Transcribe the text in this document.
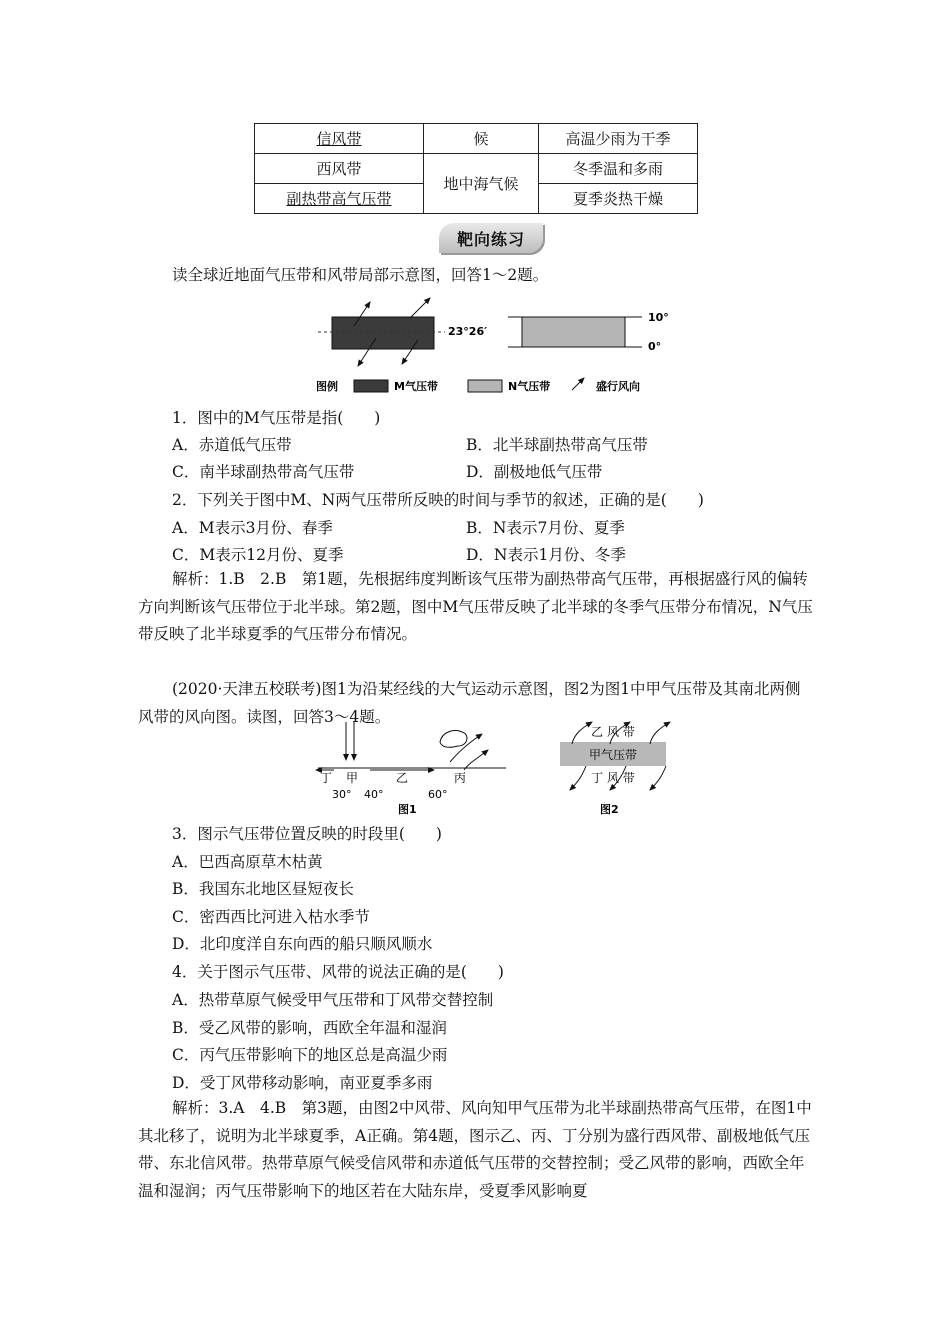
信风带	候	高温少雨为干季
西风带	地中海气候	冬季温和多雨
副热带高气压带		夏季炎热干燥
靶向练习
读全球近地面气压带和风带局部示意图，回答1～2题。
23°26′
10°
0°
图例	M气压带	N气压带	盛行风向
1．图中的M气压带是指(　　)
A．赤道低气压带	B．北半球副热带高气压带
C．南半球副热带高气压带	D．副极地低气压带
2．下列关于图中M、N两气压带所反映的时间与季节的叙述，正确的是(　　)
A．M表示3月份、春季	B．N表示7月份、夏季
C．M表示12月份、夏季	D．N表示1月份、冬季
解析：1.B　2.B　第1题，先根据纬度判断该气压带为副热带高气压带，再根据盛行风的偏转方向判断该气压带位于北半球。第2题，图中M气压带反映了北半球的冬季气压带分布情况，N气压带反映了北半球夏季的气压带分布情况。
(2020·天津五校联考)图1为沿某经线的大气运动示意图，图2为图1中甲气压带及其南北两侧风带的风向图。读图，回答3～4题。
丁 甲	乙	丙
30° 40°	60°
图1
甲气压带
乙 风 带
丁 风 带
图2
3．图示气压带位置反映的时段里(　　)
A．巴西高原草木枯黄
B．我国东北地区昼短夜长
C．密西西比河进入枯水季节
D．北印度洋自东向西的船只顺风顺水
4．关于图示气压带、风带的说法正确的是(　　)
A．热带草原气候受甲气压带和丁风带交替控制
B．受乙风带的影响，西欧全年温和湿润
C．丙气压带影响下的地区总是高温少雨
D．受丁风带移动影响，南亚夏季多雨
解析：3.A　4.B　第3题，由图2中风带、风向知甲气压带为北半球副热带高气压带，在图1中其北移了，说明为北半球夏季，A正确。第4题，图示乙、丙、丁分别为盛行西风带、副极地低气压带、东北信风带。热带草原气候受信风带和赤道低气压带的交替控制；受乙风带的影响，西欧全年温和湿润；丙气压带影响下的地区若在大陆东岸，受夏季风影响夏
